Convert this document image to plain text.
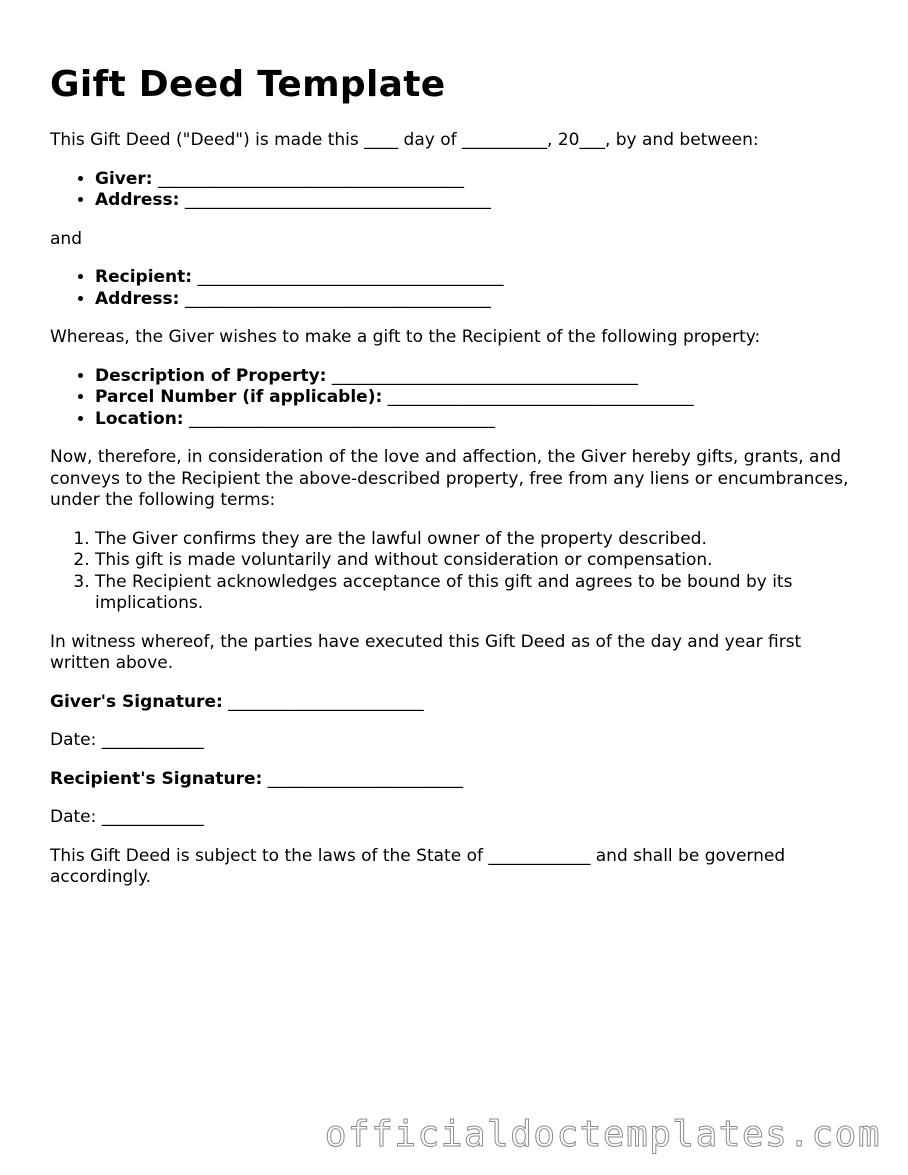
Gift Deed Template

This Gift Deed ("Deed") is made this ____ day of __________, 20___, by and between:

• Giver: ____________________________________
• Address: ____________________________________

and

• Recipient: ____________________________________
• Address: ____________________________________

Whereas, the Giver wishes to make a gift to the Recipient of the following property:

• Description of Property: ____________________________________
• Parcel Number (if applicable): ____________________________________
• Location: ____________________________________

Now, therefore, in consideration of the love and affection, the Giver hereby gifts, grants, and conveys to the Recipient the above-described property, free from any liens or encumbrances, under the following terms:

1. The Giver confirms they are the lawful owner of the property described.
2. This gift is made voluntarily and without consideration or compensation.
3. The Recipient acknowledges acceptance of this gift and agrees to be bound by its implications.

In witness whereof, the parties have executed this Gift Deed as of the day and year first written above.

Giver's Signature: _______________________

Date: ____________

Recipient's Signature: _______________________

Date: ____________

This Gift Deed is subject to the laws of the State of ____________ and shall be governed accordingly.

officialdoctemplates.com
